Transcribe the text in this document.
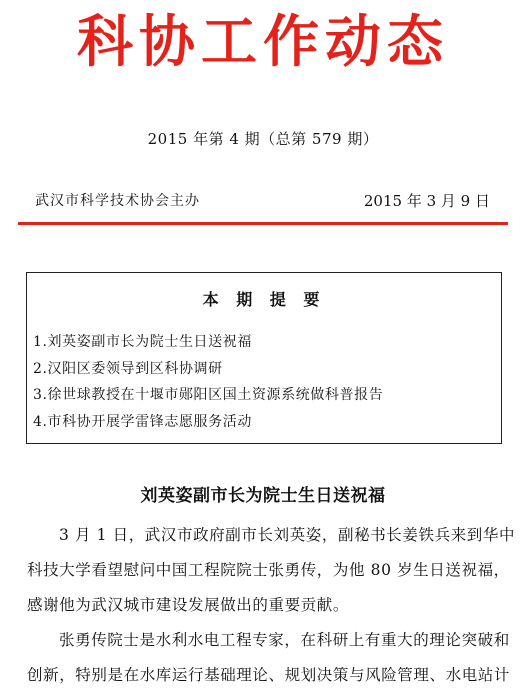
科协工作动态
2015 年第 4 期（总第 579 期）
武汉市科学技术协会主办	2015 年 3 月 9 日
本 期 提 要
1.刘英姿副市长为院士生日送祝福
2.汉阳区委领导到区科协调研
3.徐世球教授在十堰市郧阳区国土资源系统做科普报告
4.市科协开展学雷锋志愿服务活动
刘英姿副市长为院士生日送祝福
3 月 1 日，武汉市政府副市长刘英姿，副秘书长姜铁兵来到华中
科技大学看望慰问中国工程院院士张勇传，为他 80 岁生日送祝福，
感谢他为武汉城市建设发展做出的重要贡献。
张勇传院士是水利水电工程专家，在科研上有重大的理论突破和
创新，特别是在水库运行基础理论、规划决策与风险管理、水电站计
